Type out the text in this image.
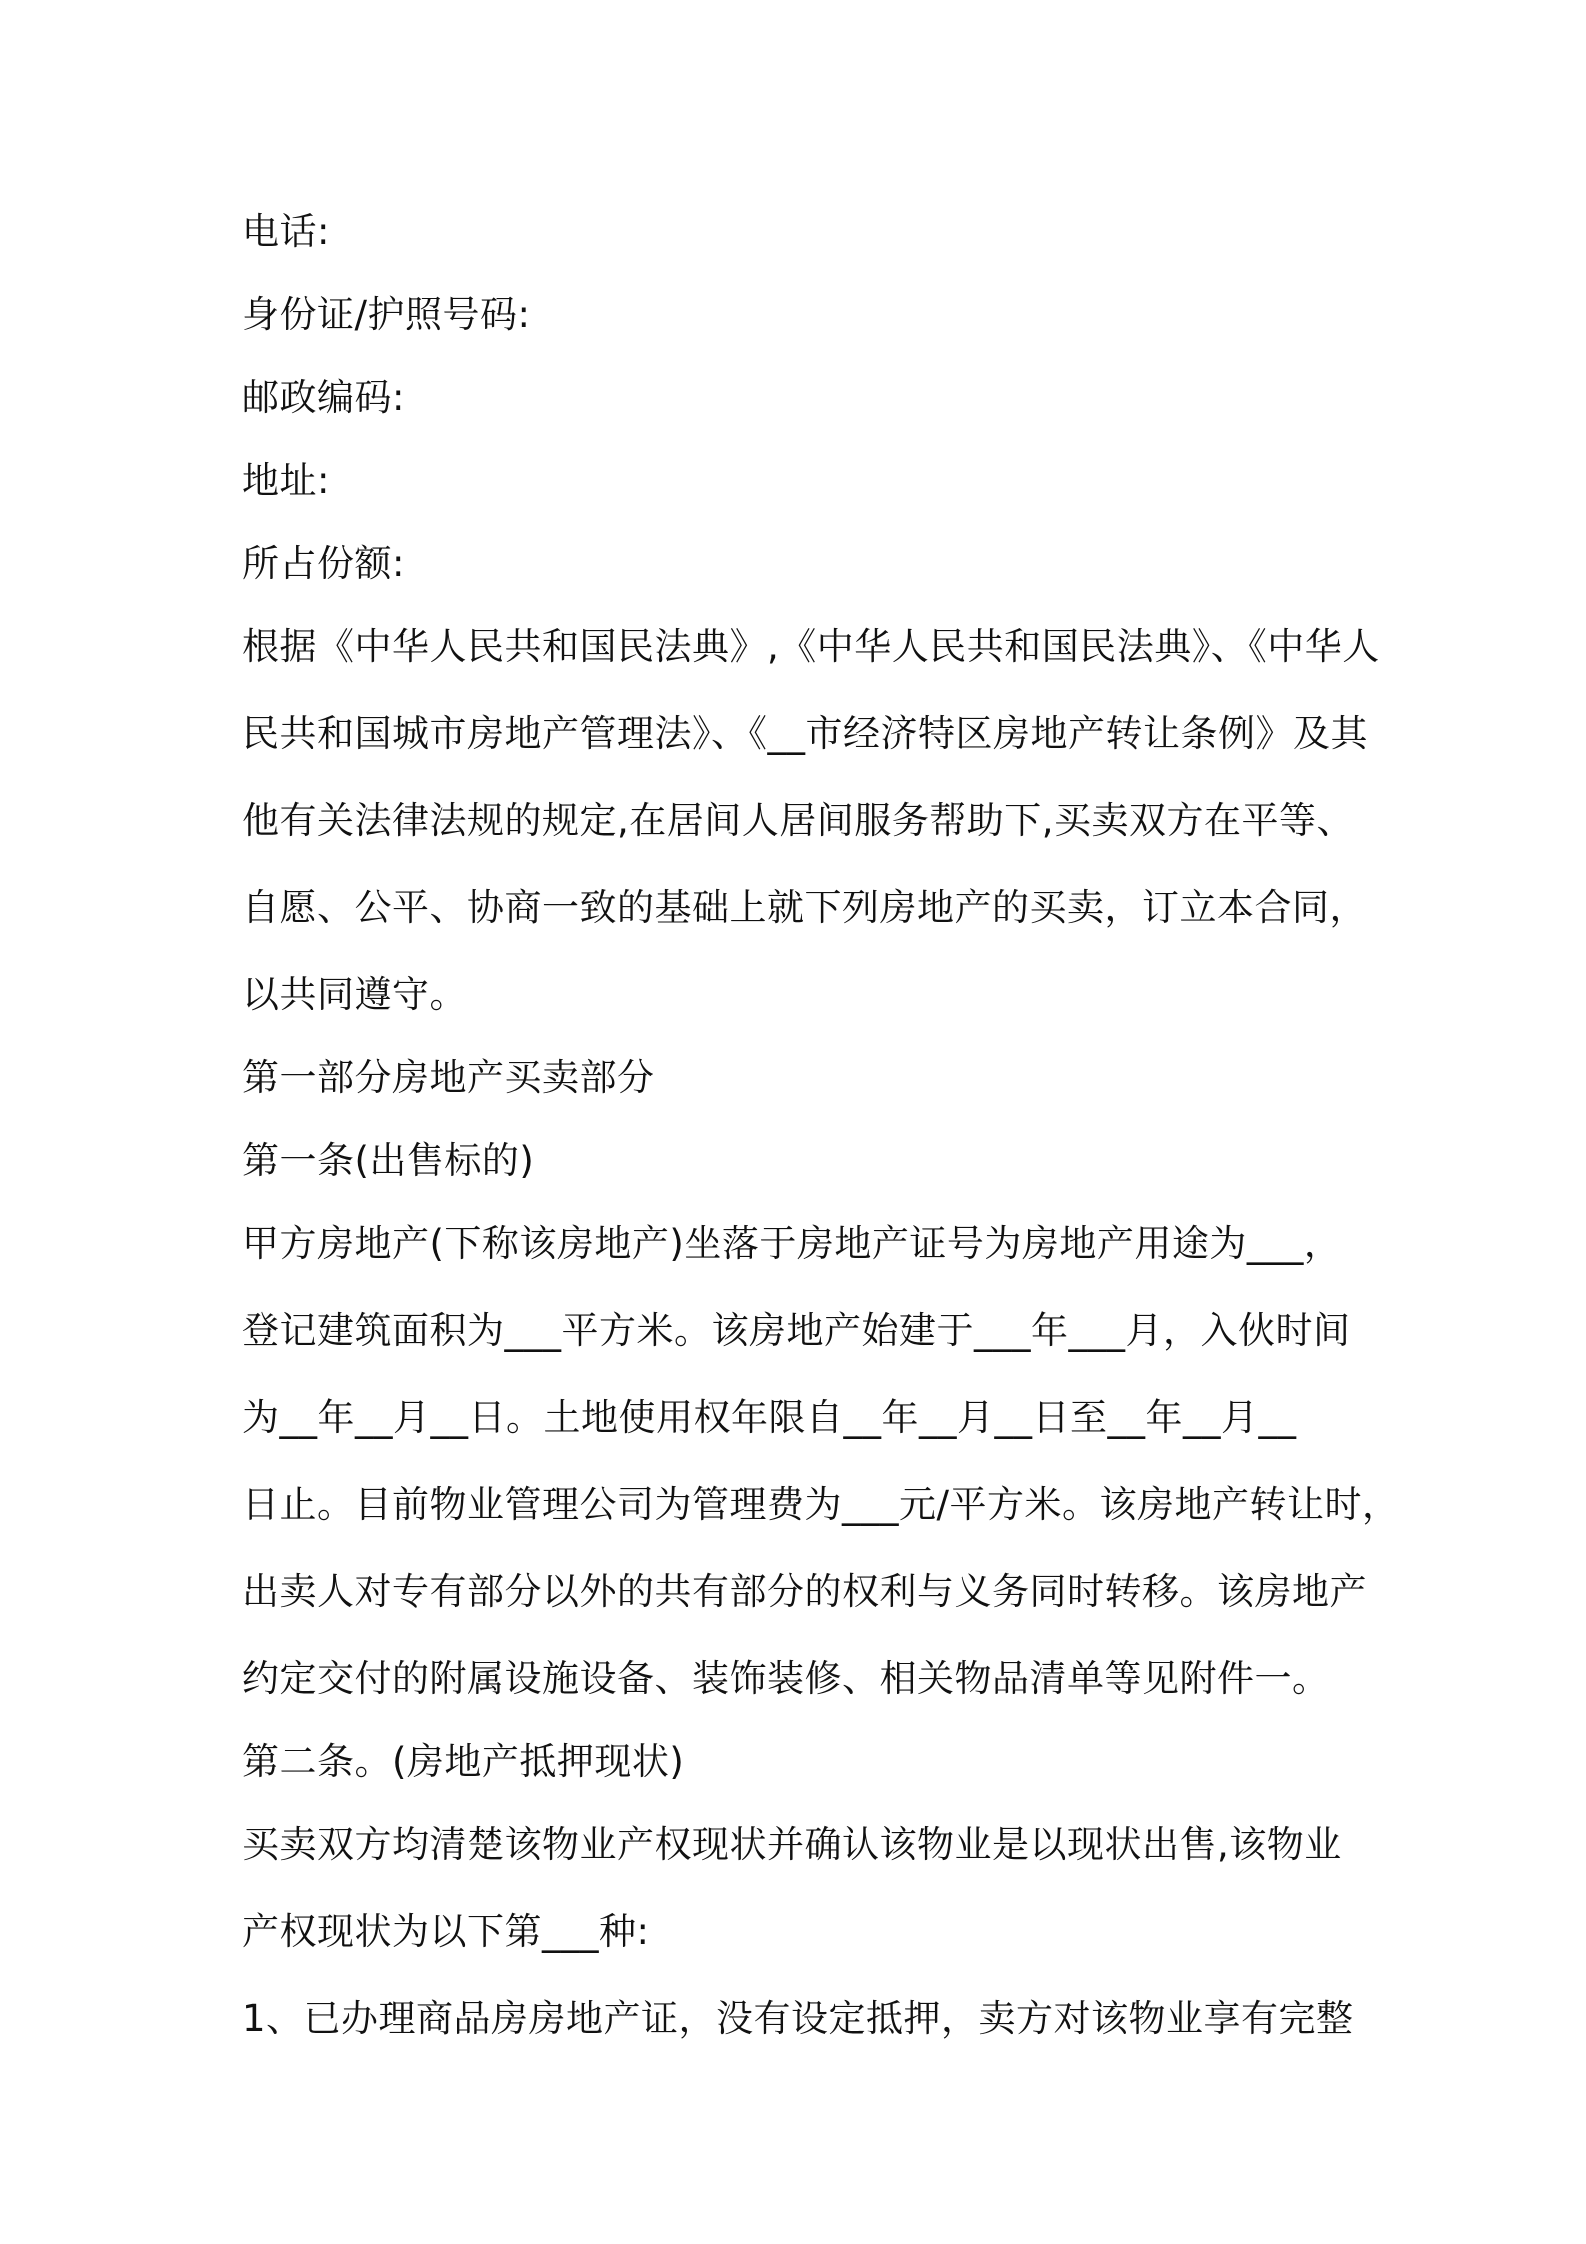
电话:
身份证/护照号码:
邮政编码:
地址:
所占份额:
根据《中华人民共和国民法典》,《中华人民共和国民法典》、《中华人
民共和国城市房地产管理法》、《__市经济特区房地产转让条例》及其
他有关法律法规的规定,在居间人居间服务帮助下,买卖双方在平等、
自愿、公平、协商一致的基础上就下列房地产的买卖，订立本合同，
以共同遵守。
第一部分房地产买卖部分
第一条(出售标的)
甲方房地产(下称该房地产)坐落于房地产证号为房地产用途为___，
登记建筑面积为___平方米。该房地产始建于___年___月，入伙时间
为__年__月__日。土地使用权年限自__年__月__日至__年__月__
日止。目前物业管理公司为管理费为___元/平方米。该房地产转让时，
出卖人对专有部分以外的共有部分的权利与义务同时转移。该房地产
约定交付的附属设施设备、装饰装修、相关物品清单等见附件一。
第二条。(房地产抵押现状)
买卖双方均清楚该物业产权现状并确认该物业是以现状出售,该物业
产权现状为以下第___种:
1、已办理商品房房地产证，没有设定抵押，卖方对该物业享有完整
